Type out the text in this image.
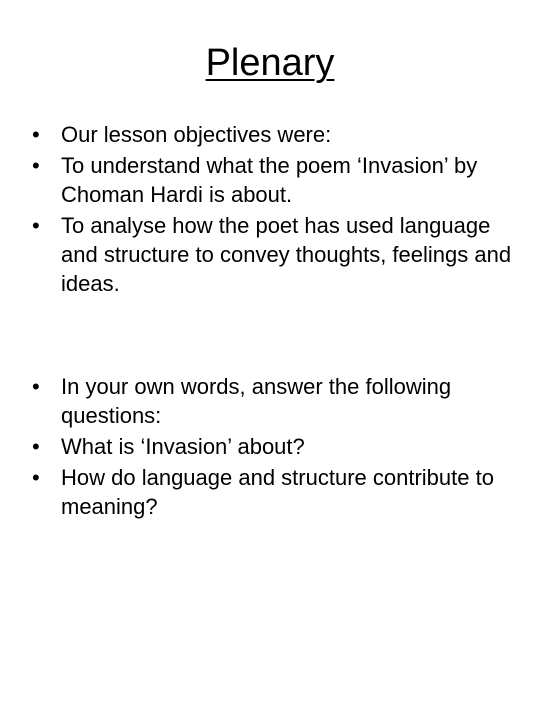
Plenary
• Our lesson objectives were:
• To understand what the poem ‘Invasion’ by Choman Hardi is about.
• To analyse how the poet has used language and structure to convey thoughts, feelings and ideas.
• In your own words, answer the following questions:
• What is ‘Invasion’ about?
• How do language and structure contribute to meaning?
